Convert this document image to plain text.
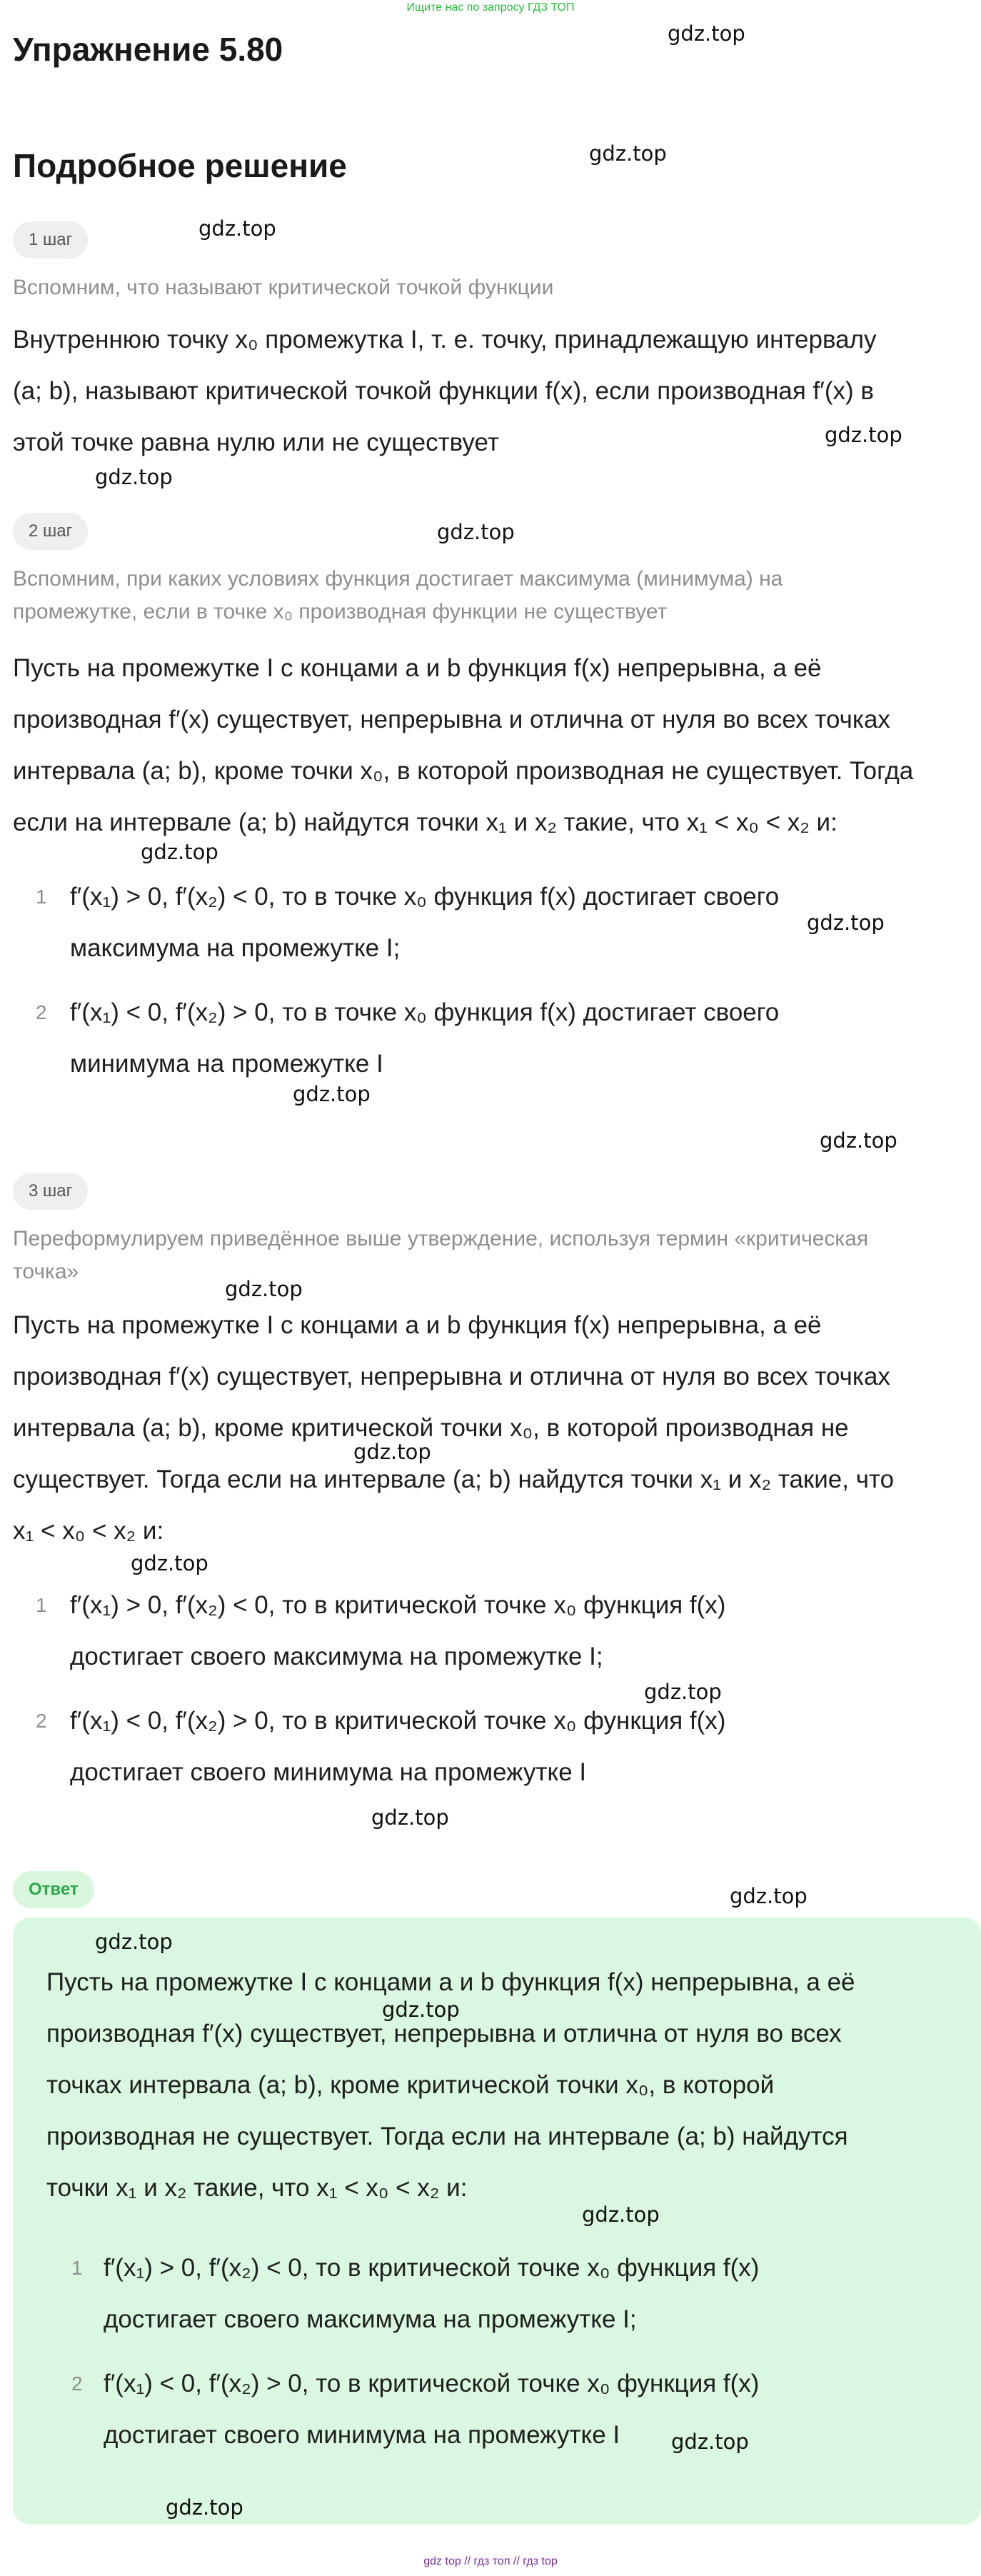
Ищите нас по запросу ГДЗ ТОП
Упражнение 5.80	gdz.top
Подробное решение	gdz.top
1 шаг	gdz.top
Вспомним, что называют критической точкой функции
Внутреннюю точку x₀ промежутка I, т. е. точку, принадлежащую интервалу
(a; b), называют критической точкой функции f(x), если производная f′(x) в
этой точке равна нулю или не существует	gdz.top
gdz.top
2 шаг	gdz.top
Вспомним, при каких условиях функция достигает максимума (минимума) на
промежутке, если в точке x₀ производная функции не существует
Пусть на промежутке I с концами a и b функция f(x) непрерывна, а её
производная f′(x) существует, непрерывна и отлична от нуля во всех точках
интервала (a; b), кроме точки x₀, в которой производная не существует. Тогда
если на интервале (a; b) найдутся точки x₁ и x₂ такие, что x₁ < x₀ < x₂ и:
gdz.top
1 f′(x₁) > 0, f′(x₂) < 0, то в точке x₀ функция f(x) достигает своего
gdz.top
максимума на промежутке I;
2 f′(x₁) < 0, f′(x₂) > 0, то в точке x₀ функция f(x) достигает своего
минимума на промежутке I
gdz.top
gdz.top
3 шаг
Переформулируем приведённое выше утверждение, используя термин «критическая
точка»
gdz.top
Пусть на промежутке I с концами a и b функция f(x) непрерывна, а её
производная f′(x) существует, непрерывна и отлична от нуля во всех точках
интервала (a; b), кроме критической точки x₀, в которой производная не
gdz.top
существует. Тогда если на интервале (a; b) найдутся точки x₁ и x₂ такие, что
x₁ < x₀ < x₂ и:
gdz.top
1 f′(x₁) > 0, f′(x₂) < 0, то в критической точке x₀ функция f(x)
достигает своего максимума на промежутке I;
gdz.top
2 f′(x₁) < 0, f′(x₂) > 0, то в критической точке x₀ функция f(x)
достигает своего минимума на промежутке I
gdz.top
Ответ	gdz.top
gdz.top
Пусть на промежутке I с концами a и b функция f(x) непрерывна, а её
gdz.top
производная f′(x) существует, непрерывна и отлична от нуля во всех
точках интервала (a; b), кроме критической точки x₀, в которой
производная не существует. Тогда если на интервале (a; b) найдутся
точки x₁ и x₂ такие, что x₁ < x₀ < x₂ и:
gdz.top
1 f′(x₁) > 0, f′(x₂) < 0, то в критической точке x₀ функция f(x)
достигает своего максимума на промежутке I;
2 f′(x₁) < 0, f′(x₂) > 0, то в критической точке x₀ функция f(x)
достигает своего минимума на промежутке I gdz.top
gdz.top
gdz top // гдз топ // гдз top
